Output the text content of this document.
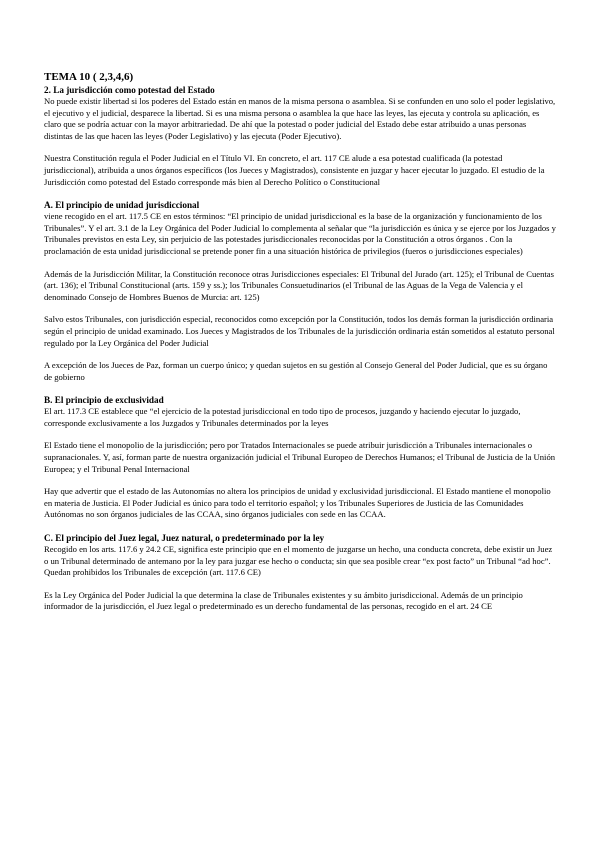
TEMA 10 ( 2,3,4,6)
2. La jurisdicción como potestad del Estado

No puede existir libertad si los poderes del Estado están en manos de la misma persona o asamblea. Si se confunden en uno solo el poder legislativo, el ejecutivo y el judicial, desparece la libertad. Si es una misma persona o asamblea la que hace las leyes, las ejecuta y controla su aplicación, es claro que se podría actuar con la mayor arbitrariedad. De ahí que la potestad o poder judicial del Estado debe estar atribuido a unas personas distintas de las que hacen las leyes (Poder Legislativo) y las ejecuta (Poder Ejecutivo).

Nuestra Constitución regula el Poder Judicial en el Título VI. En concreto, el art. 117 CE alude a esa potestad cualificada (la potestad jurisdiccional), atribuida a unos órganos específicos (los Jueces y Magistrados), consistente en juzgar y hacer ejecutar lo juzgado. El estudio de la Jurisdicción como potestad del Estado corresponde más bien al Derecho Político o Constitucional

A. El principio de unidad jurisdiccional

viene recogido en el art. 117.5 CE en estos términos: “El principio de unidad jurisdiccional es la base de la organización y funcionamiento de los Tribunales”. Y el art. 3.1 de la Ley Orgánica del Poder Judicial lo complementa al señalar que “la jurisdicción es única y se ejerce por los Juzgados y Tribunales previstos en esta Ley, sin perjuicio de las potestades jurisdiccionales reconocidas por la Constitución a otros órganos . Con la proclamación de esta unidad jurisdiccional se pretende poner fin a una situación histórica de privilegios (fueros o jurisdicciones especiales)

Además de la Jurisdicción Militar, la Constitución reconoce otras Jurisdicciones especiales: El Tribunal del Jurado (art. 125); el Tribunal de Cuentas (art. 136); el Tribunal Constitucional (arts. 159 y ss.); los Tribunales Consuetudinarios (el Tribunal de las Aguas de la Vega de Valencia y el denominado Consejo de Hombres Buenos de Murcia: art. 125)

Salvo estos Tribunales, con jurisdicción especial, reconocidos como excepción por la Constitución, todos los demás forman la jurisdicción ordinaria según el principio de unidad examinado. Los Jueces y Magistrados de los Tribunales de la jurisdicción ordinaria están sometidos al estatuto personal regulado por la Ley Orgánica del Poder Judicial

A excepción de los Jueces de Paz, forman un cuerpo único; y quedan sujetos en su gestión al Consejo General del Poder Judicial, que es su órgano de gobierno

B. El principio de exclusividad

El art. 117.3 CE establece que “el ejercicio de la potestad jurisdiccional en todo tipo de procesos, juzgando y haciendo ejecutar lo juzgado, corresponde exclusivamente a los Juzgados y Tribunales determinados por la leyes

El Estado tiene el monopolio de la jurisdicción; pero por Tratados Internacionales se puede atribuir jurisdicción a Tribunales internacionales o supranacionales. Y, así, forman parte de nuestra organización judicial el Tribunal Europeo de Derechos Humanos; el Tribunal de Justicia de la Unión Europea; y el Tribunal Penal Internacional

Hay que advertir que el estado de las Autonomías no altera los principios de unidad y exclusividad jurisdiccional. El Estado mantiene el monopolio en materia de Justicia. El Poder Judicial es único para todo el territorio español; y los Tribunales Superiores de Justicia de las Comunidades Autónomas no son órganos judiciales de las CCAA, sino órganos judiciales con sede en las CCAA.

C. El principio del Juez legal, Juez natural, o predeterminado por la ley

Recogido en los arts. 117.6 y 24.2 CE, significa este principio que en el momento de juzgarse un hecho, una conducta concreta, debe existir un Juez o un Tribunal determinado de antemano por la ley para juzgar ese hecho o conducta; sin que sea posible crear “ex post facto” un Tribunal “ad hoc”. Quedan prohibidos los Tribunales de excepción (art. 117.6 CE)

Es la Ley Orgánica del Poder Judicial la que determina la clase de Tribunales existentes y su ámbito jurisdiccional. Además de un principio informador de la jurisdicción, el Juez legal o predeterminado es un derecho fundamental de las personas, recogido en el art. 24 CE
